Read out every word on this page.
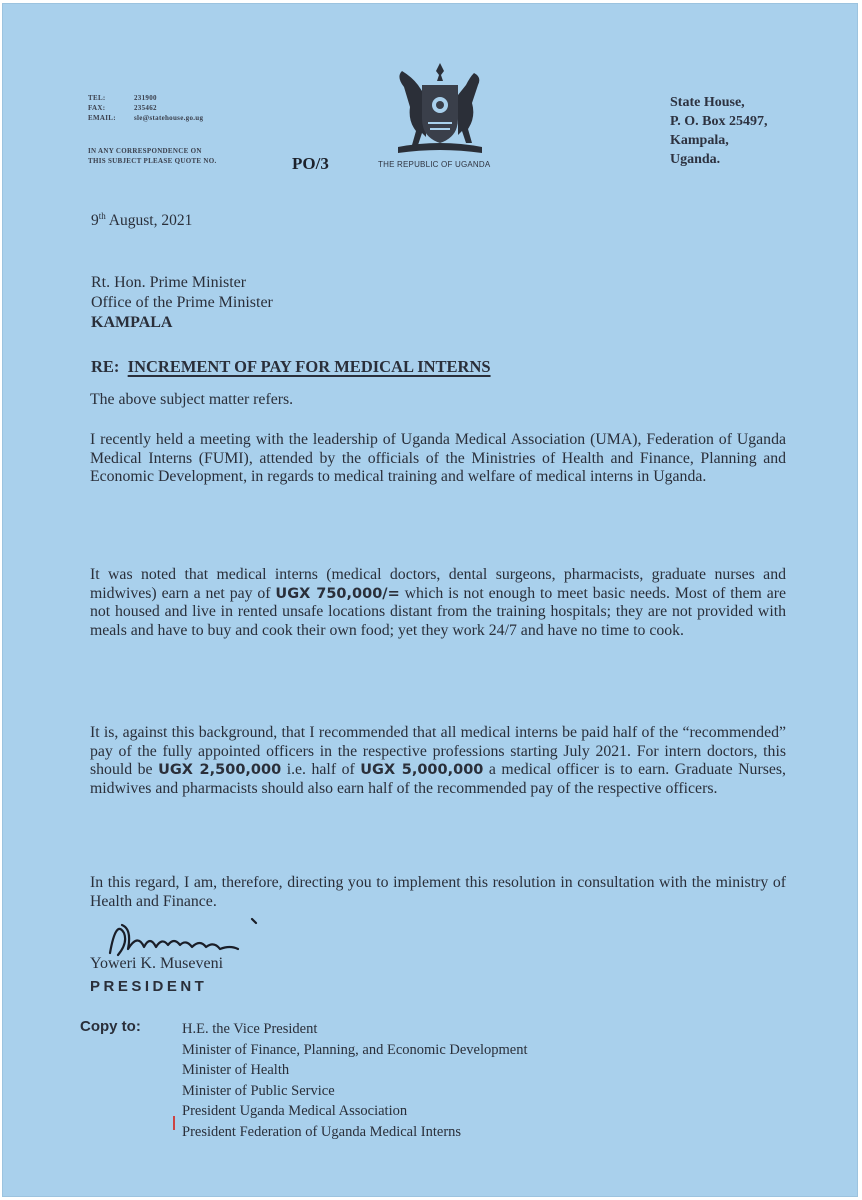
TEL:	231900
FAX:	235462
EMAIL:	sle@statehouse.go.ug
IN ANY CORRESPONDENCE ON
THIS SUBJECT PLEASE QUOTE NO.	PO/3	THE REPUBLIC OF UGANDA
State House,
P. O. Box 25497,
Kampala,
Uganda.
9th August, 2021
Rt. Hon. Prime Minister
Office of the Prime Minister
KAMPALA
RE: INCREMENT OF PAY FOR MEDICAL INTERNS
The above subject matter refers.
I recently held a meeting with the leadership of Uganda Medical Association (UMA), Federation of Uganda Medical Interns (FUMI), attended by the officials of the Ministries of Health and Finance, Planning and Economic Development, in regards to medical training and welfare of medical interns in Uganda.
It was noted that medical interns (medical doctors, dental surgeons, pharmacists, graduate nurses and midwives) earn a net pay of UGX 750,000/= which is not enough to meet basic needs. Most of them are not housed and live in rented unsafe locations distant from the training hospitals; they are not provided with meals and have to buy and cook their own food; yet they work 24/7 and have no time to cook.
It is, against this background, that I recommended that all medical interns be paid half of the “recommended” pay of the fully appointed officers in the respective professions starting July 2021. For intern doctors, this should be UGX 2,500,000 i.e. half of UGX 5,000,000 a medical officer is to earn. Graduate Nurses, midwives and pharmacists should also earn half of the recommended pay of the respective officers.
In this regard, I am, therefore, directing you to implement this resolution in consultation with the ministry of Health and Finance.
Yoweri K. Museveni
PRESIDENT
Copy to:	H.E. the Vice President
Minister of Finance, Planning, and Economic Development
Minister of Health
Minister of Public Service
President Uganda Medical Association
President Federation of Uganda Medical Interns
